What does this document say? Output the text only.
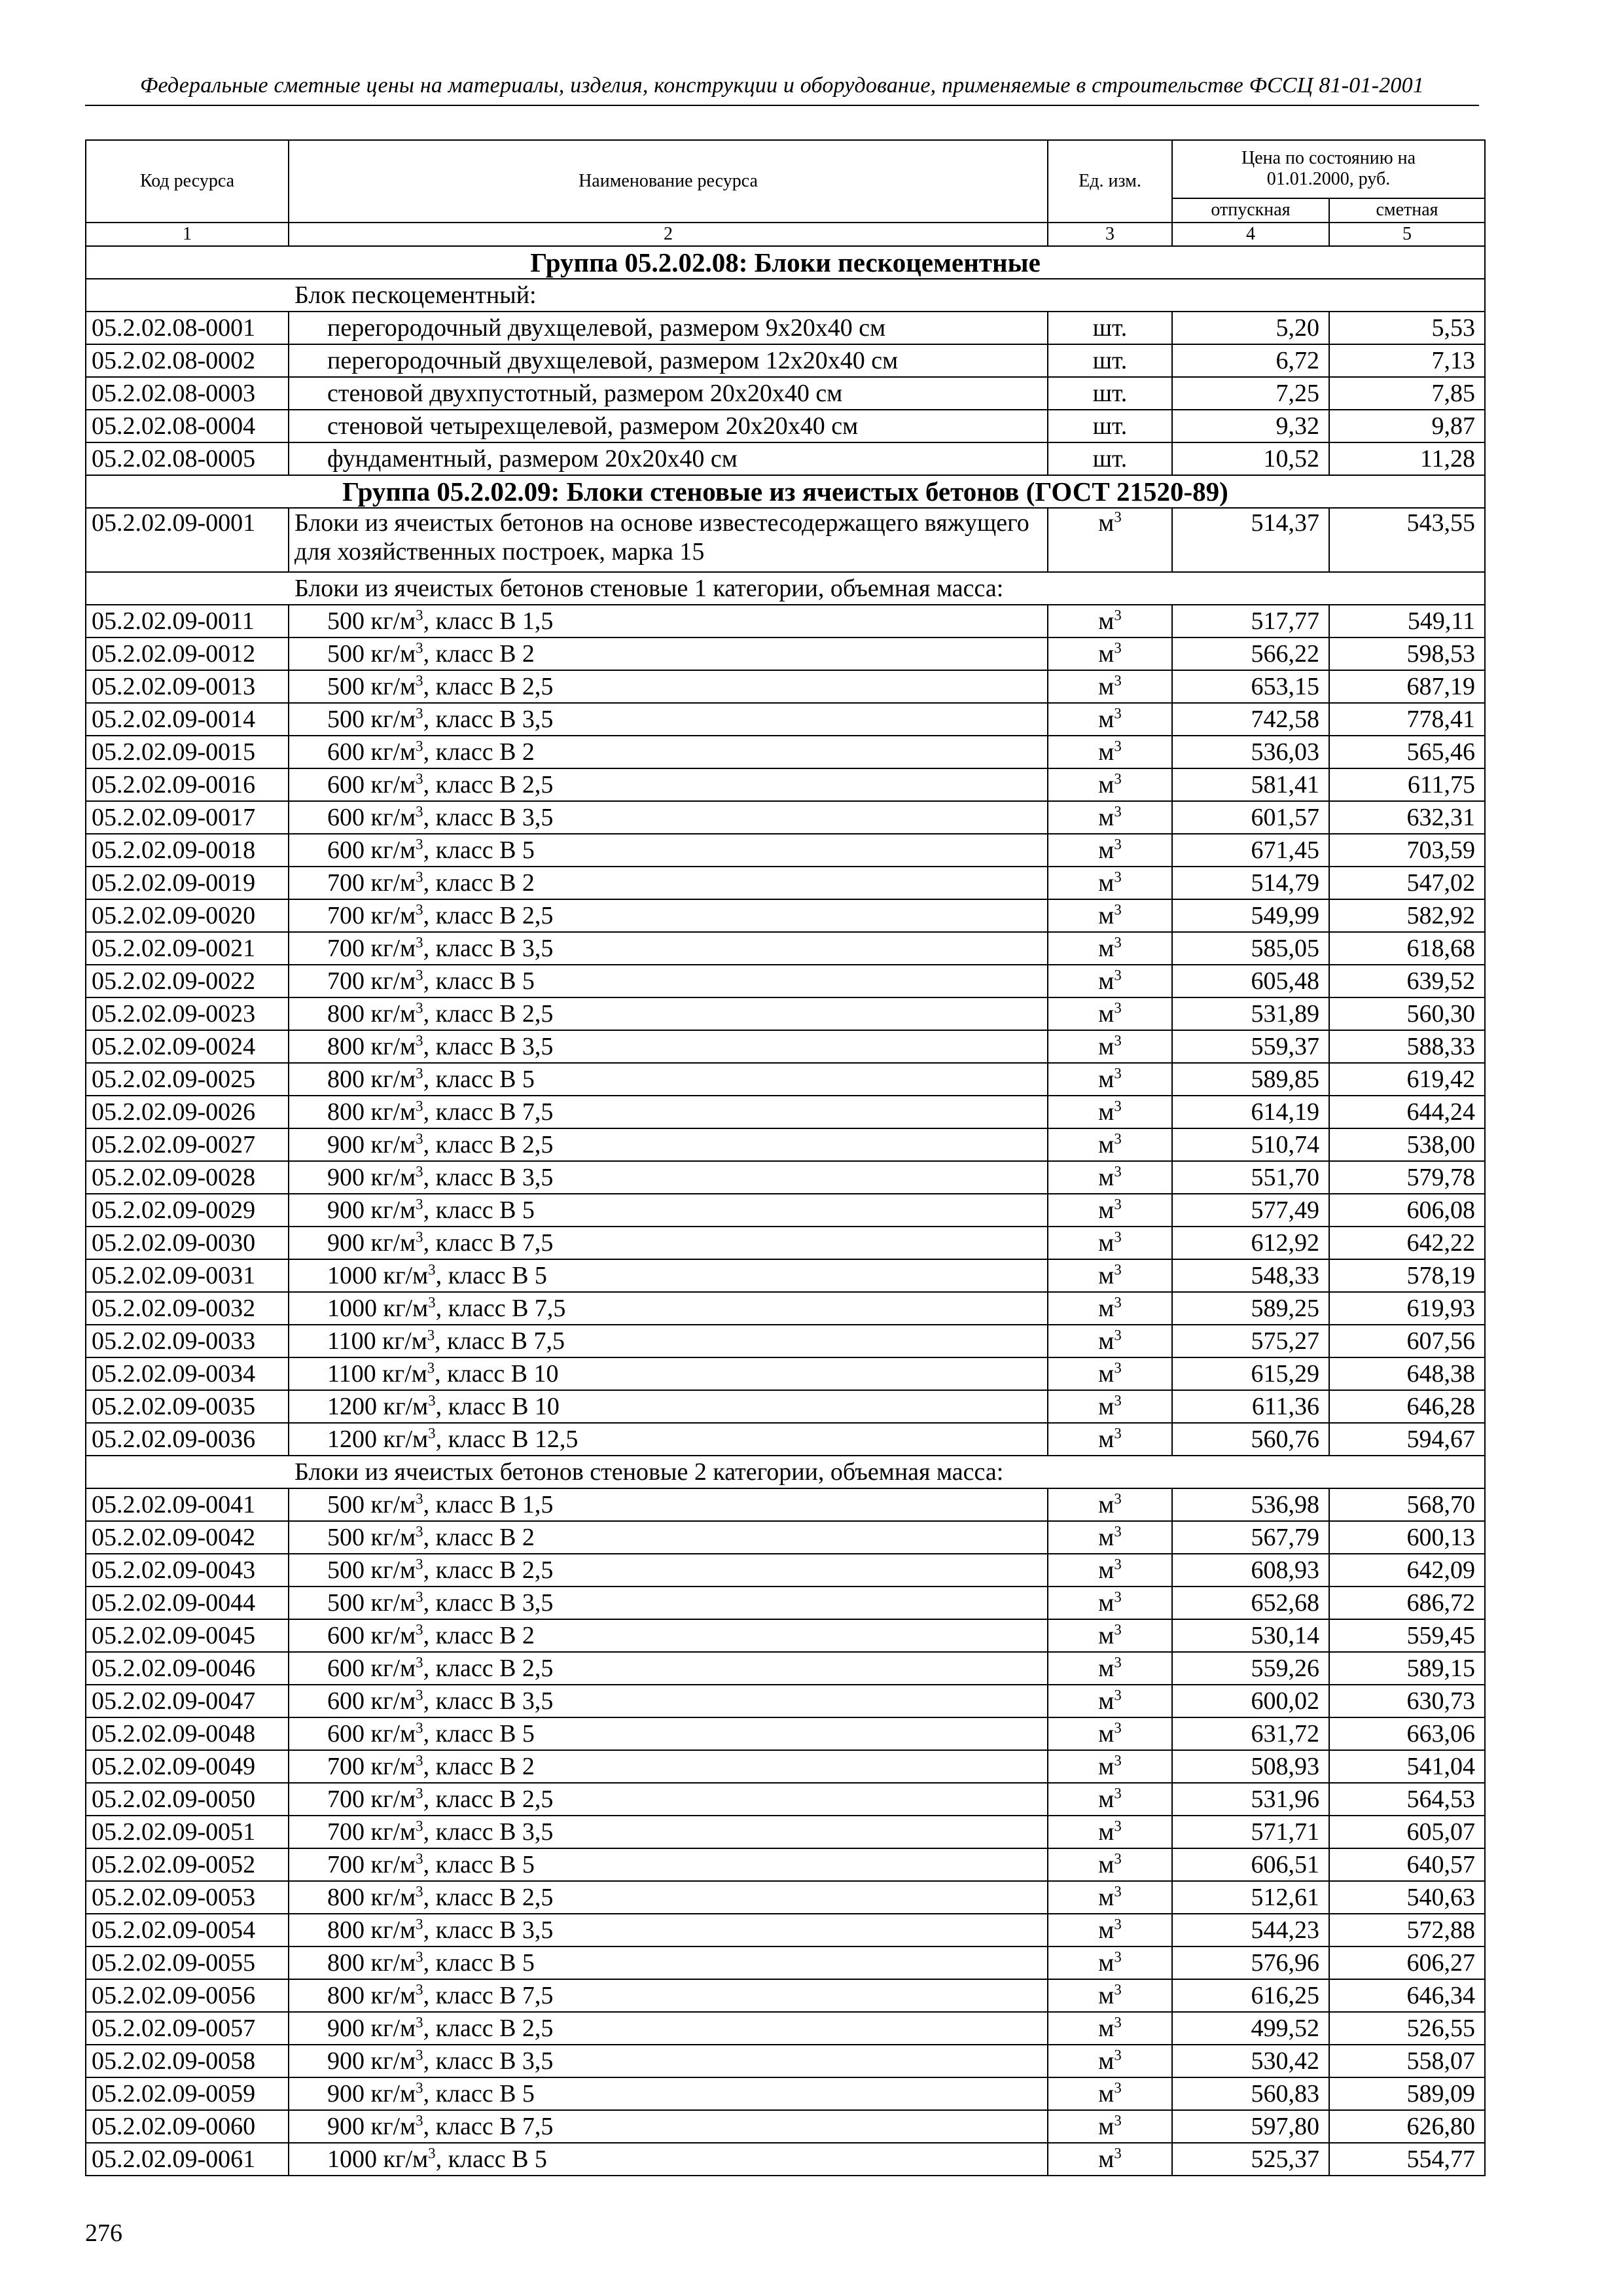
Федеральные сметные цены на материалы, изделия, конструкции и оборудование, применяемые в строительстве ФССЦ 81-01-2001
Код ресурса	Наименование ресурса	Ед. изм.	Цена по состоянию на 01.01.2000, руб.	
			отпускная	сметная
1	2	3	4	5
Группа 05.2.02.08: Блоки пескоцементные				
Блок пескоцементный:				
05.2.02.08-0001	перегородочный двухщелевой, размером 9х20х40 см	шт.	5,20	5,53
05.2.02.08-0002	перегородочный двухщелевой, размером 12х20х40 см	шт.	6,72	7,13
05.2.02.08-0003	стеновой двухпустотный, размером 20х20х40 см	шт.	7,25	7,85
05.2.02.08-0004	стеновой четырехщелевой, размером 20х20х40 см	шт.	9,32	9,87
05.2.02.08-0005	фундаментный, размером 20х20х40 см	шт.	10,52	11,28
Группа 05.2.02.09: Блоки стеновые из ячеистых бетонов (ГОСТ 21520-89)				
05.2.02.09-0001	Блоки из ячеистых бетонов на основе известесодержащего вяжущего для хозяйственных построек, марка 15	$м^3$	514,37	543,55
Блоки из ячеистых бетонов стеновые 1 категории, объемная масса:				
05.2.02.09-0011	500 $кг/м^3$, класс В 1,5	$м^3$	517,77	549,11
05.2.02.09-0012	500 $кг/м^3$, класс В 2	$м^3$	566,22	598,53
05.2.02.09-0013	500 $кг/м^3$, класс В 2,5	$м^3$	653,15	687,19
05.2.02.09-0014	500 $кг/м^3$, класс В 3,5	$м^3$	742,58	778,41
05.2.02.09-0015	600 $кг/м^3$, класс В 2	$м^3$	536,03	565,46
05.2.02.09-0016	600 $кг/м^3$, класс В 2,5	$м^3$	581,41	611,75
05.2.02.09-0017	600 $кг/м^3$, класс В 3,5	$м^3$	601,57	632,31
05.2.02.09-0018	600 $кг/м^3$, класс В 5	$м^3$	671,45	703,59
05.2.02.09-0019	700 $кг/м^3$, класс В 2	$м^3$	514,79	547,02
05.2.02.09-0020	700 $кг/м^3$, класс В 2,5	$м^3$	549,99	582,92
05.2.02.09-0021	700 $кг/м^3$, класс В 3,5	$м^3$	585,05	618,68
05.2.02.09-0022	700 $кг/м^3$, класс В 5	$м^3$	605,48	639,52
05.2.02.09-0023	800 $кг/м^3$, класс В 2,5	$м^3$	531,89	560,30
05.2.02.09-0024	800 $кг/м^3$, класс В 3,5	$м^3$	559,37	588,33
05.2.02.09-0025	800 $кг/м^3$, класс В 5	$м^3$	589,85	619,42
05.2.02.09-0026	800 $кг/м^3$, класс В 7,5	$м^3$	614,19	644,24
05.2.02.09-0027	900 $кг/м^3$, класс В 2,5	$м^3$	510,74	538,00
05.2.02.09-0028	900 $кг/м^3$, класс В 3,5	$м^3$	551,70	579,78
05.2.02.09-0029	900 $кг/м^3$, класс В 5	$м^3$	577,49	606,08
05.2.02.09-0030	900 $кг/м^3$, класс В 7,5	$м^3$	612,92	642,22
05.2.02.09-0031	1000 $кг/м^3$, класс В 5	$м^3$	548,33	578,19
05.2.02.09-0032	1000 $кг/м^3$, класс В 7,5	$м^3$	589,25	619,93
05.2.02.09-0033	1100 $кг/м^3$, класс В 7,5	$м^3$	575,27	607,56
05.2.02.09-0034	1100 $кг/м^3$, класс В 10	$м^3$	615,29	648,38
05.2.02.09-0035	1200 $кг/м^3$, класс В 10	$м^3$	611,36	646,28
05.2.02.09-0036	1200 $кг/м^3$, класс В 12,5	$м^3$	560,76	594,67
Блоки из ячеистых бетонов стеновые 2 категории, объемная масса:				
05.2.02.09-0041	500 $кг/м^3$, класс В 1,5	$м^3$	536,98	568,70
05.2.02.09-0042	500 $кг/м^3$, класс В 2	$м^3$	567,79	600,13
05.2.02.09-0043	500 $кг/м^3$, класс В 2,5	$м^3$	608,93	642,09
05.2.02.09-0044	500 $кг/м^3$, класс В 3,5	$м^3$	652,68	686,72
05.2.02.09-0045	600 $кг/м^3$, класс В 2	$м^3$	530,14	559,45
05.2.02.09-0046	600 $кг/м^3$, класс В 2,5	$м^3$	559,26	589,15
05.2.02.09-0047	600 $кг/м^3$, класс В 3,5	$м^3$	600,02	630,73
05.2.02.09-0048	600 $кг/м^3$, класс В 5	$м^3$	631,72	663,06
05.2.02.09-0049	700 $кг/м^3$, класс В 2	$м^3$	508,93	541,04
05.2.02.09-0050	700 $кг/м^3$, класс В 2,5	$м^3$	531,96	564,53
05.2.02.09-0051	700 $кг/м^3$, класс В 3,5	$м^3$	571,71	605,07
05.2.02.09-0052	700 $кг/м^3$, класс В 5	$м^3$	606,51	640,57
05.2.02.09-0053	800 $кг/м^3$, класс В 2,5	$м^3$	512,61	540,63
05.2.02.09-0054	800 $кг/м^3$, класс В 3,5	$м^3$	544,23	572,88
05.2.02.09-0055	800 $кг/м^3$, класс В 5	$м^3$	576,96	606,27
05.2.02.09-0056	800 $кг/м^3$, класс В 7,5	$м^3$	616,25	646,34
05.2.02.09-0057	900 $кг/м^3$, класс В 2,5	$м^3$	499,52	526,55
05.2.02.09-0058	900 $кг/м^3$, класс В 3,5	$м^3$	530,42	558,07
05.2.02.09-0059	900 $кг/м^3$, класс В 5	$м^3$	560,83	589,09
05.2.02.09-0060	900 $кг/м^3$, класс В 7,5	$м^3$	597,80	626,80
05.2.02.09-0061	1000 $кг/м^3$, класс В 5	$м^3$	525,37	554,77
276
